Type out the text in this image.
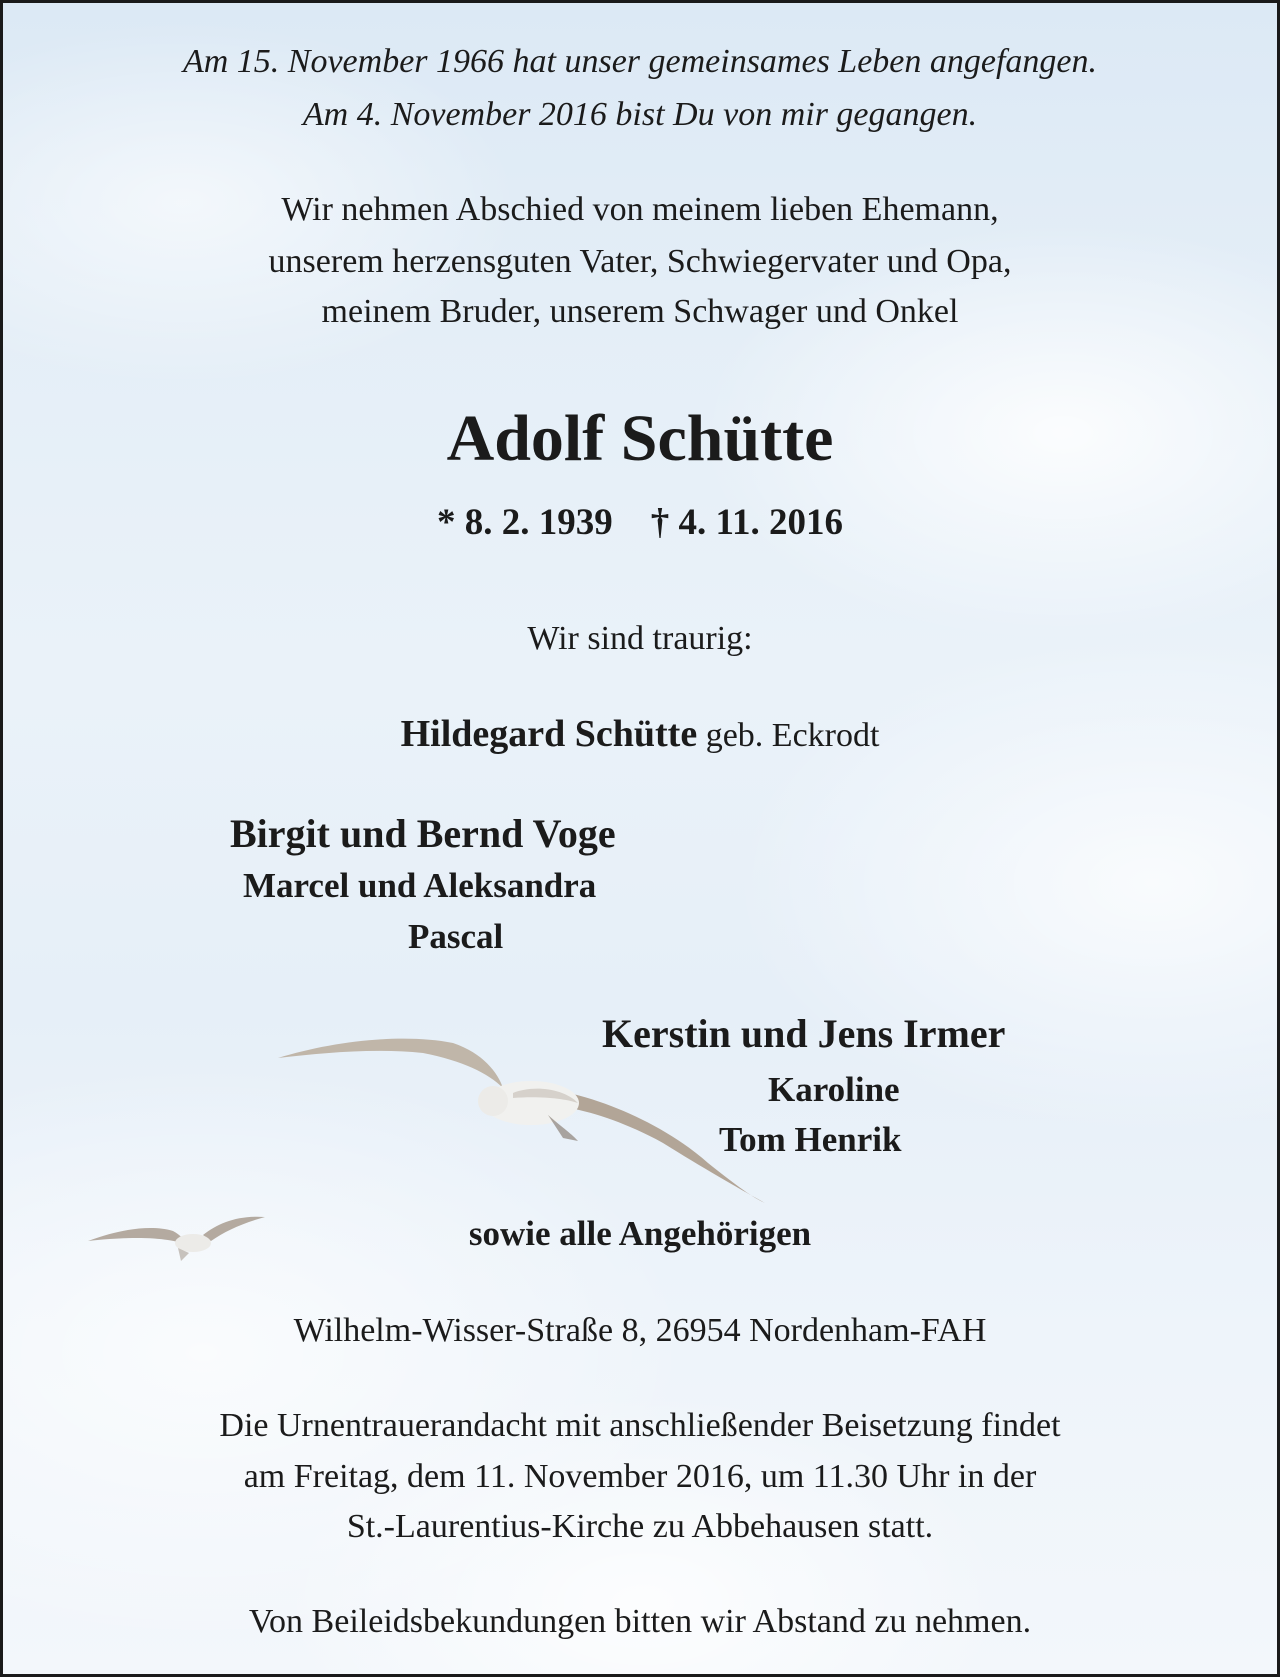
Am 15. November 1966 hat unser gemeinsames Leben angefangen.

Am 4. November 2016 bist Du von mir gegangen.

Wir nehmen Abschied von meinem lieben Ehemann,

unserem herzensguten Vater, Schwiegervater und Opa,

meinem Bruder, unserem Schwager und Onkel

Adolf Schütte

* 8. 2. 1939 † 4. 11. 2016

Wir sind traurig:

Hildegard Schütte geb. Eckrodt

Birgit und Bernd Voge

Marcel und Aleksandra

Pascal

Kerstin und Jens Irmer

Karoline

Tom Henrik

sowie alle Angehörigen

Wilhelm-Wisser-Straße 8, 26954 Nordenham-FAH

Die Urnentrauerandacht mit anschließender Beisetzung findet

am Freitag, dem 11. November 2016, um 11.30 Uhr in der

St.-Laurentius-Kirche zu Abbehausen statt.

Von Beileidsbekundungen bitten wir Abstand zu nehmen.
